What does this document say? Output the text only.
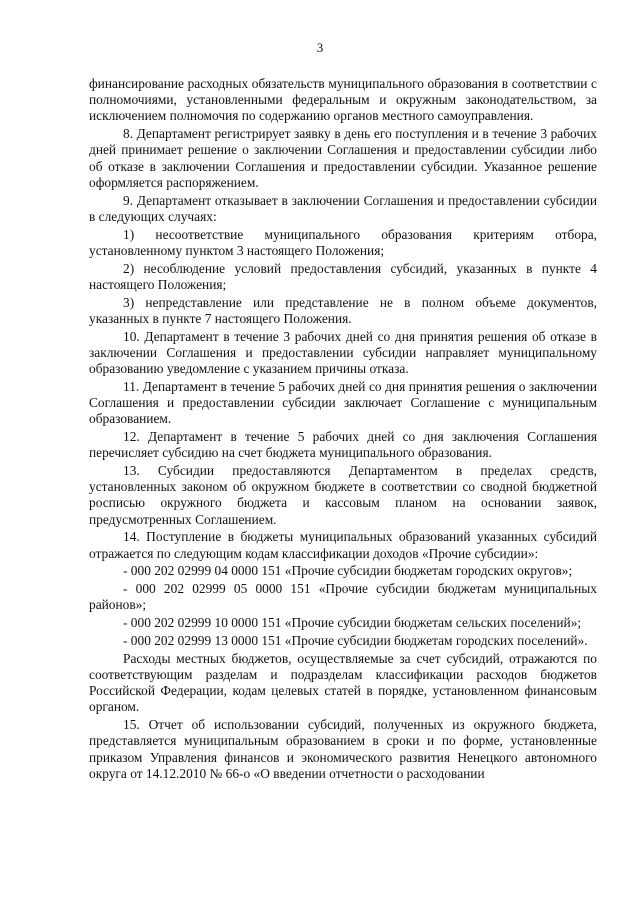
3

финансирование расходных обязательств муниципального образования в соответствии с полномочиями, установленными федеральным и окружным законодательством, за исключением полномочия по содержанию органов местного самоуправления.

8. Департамент регистрирует заявку в день его поступления и в течение 3 рабочих дней принимает решение о заключении Соглашения и предоставлении субсидии либо об отказе в заключении Соглашения и предоставлении субсидии. Указанное решение оформляется распоряжением.

9. Департамент отказывает в заключении Соглашения и предоставлении субсидии в следующих случаях:

1) несоответствие муниципального образования критериям отбора, установленному пунктом 3 настоящего Положения;

2) несоблюдение условий предоставления субсидий, указанных в пункте 4 настоящего Положения;

3) непредставление или представление не в полном объеме документов, указанных в пункте 7 настоящего Положения.

10. Департамент в течение 3 рабочих дней со дня принятия решения об отказе в заключении Соглашения и предоставлении субсидии направляет муниципальному образованию уведомление с указанием причины отказа.

11. Департамент в течение 5 рабочих дней со дня принятия решения о заключении Соглашения и предоставлении субсидии заключает Соглашение с муниципальным образованием.

12. Департамент в течение 5 рабочих дней со дня заключения Соглашения перечисляет субсидию на счет бюджета муниципального образования.

13. Субсидии предоставляются Департаментом в пределах средств, установленных законом об окружном бюджете в соответствии со сводной бюджетной росписью окружного бюджета и кассовым планом на основании заявок, предусмотренных Соглашением.

14. Поступление в бюджеты муниципальных образований указанных субсидий отражается по следующим кодам классификации доходов «Прочие субсидии»:

- 000 202 02999 04 0000 151 «Прочие субсидии бюджетам городских округов»;

- 000 202 02999 05 0000 151 «Прочие субсидии бюджетам муниципальных районов»;

- 000 202 02999 10 0000 151 «Прочие субсидии бюджетам сельских поселений»;

- 000 202 02999 13 0000 151 «Прочие субсидии бюджетам городских поселений».

Расходы местных бюджетов, осуществляемые за счет субсидий, отражаются по соответствующим разделам и подразделам классификации расходов бюджетов Российской Федерации, кодам целевых статей в порядке, установленном финансовым органом.

15. Отчет об использовании субсидий, полученных из окружного бюджета, представляется муниципальным образованием в сроки и по форме, установленные приказом Управления финансов и экономического развития Ненецкого автономного округа от 14.12.2010 № 66-о «О введении отчетности о расходовании
